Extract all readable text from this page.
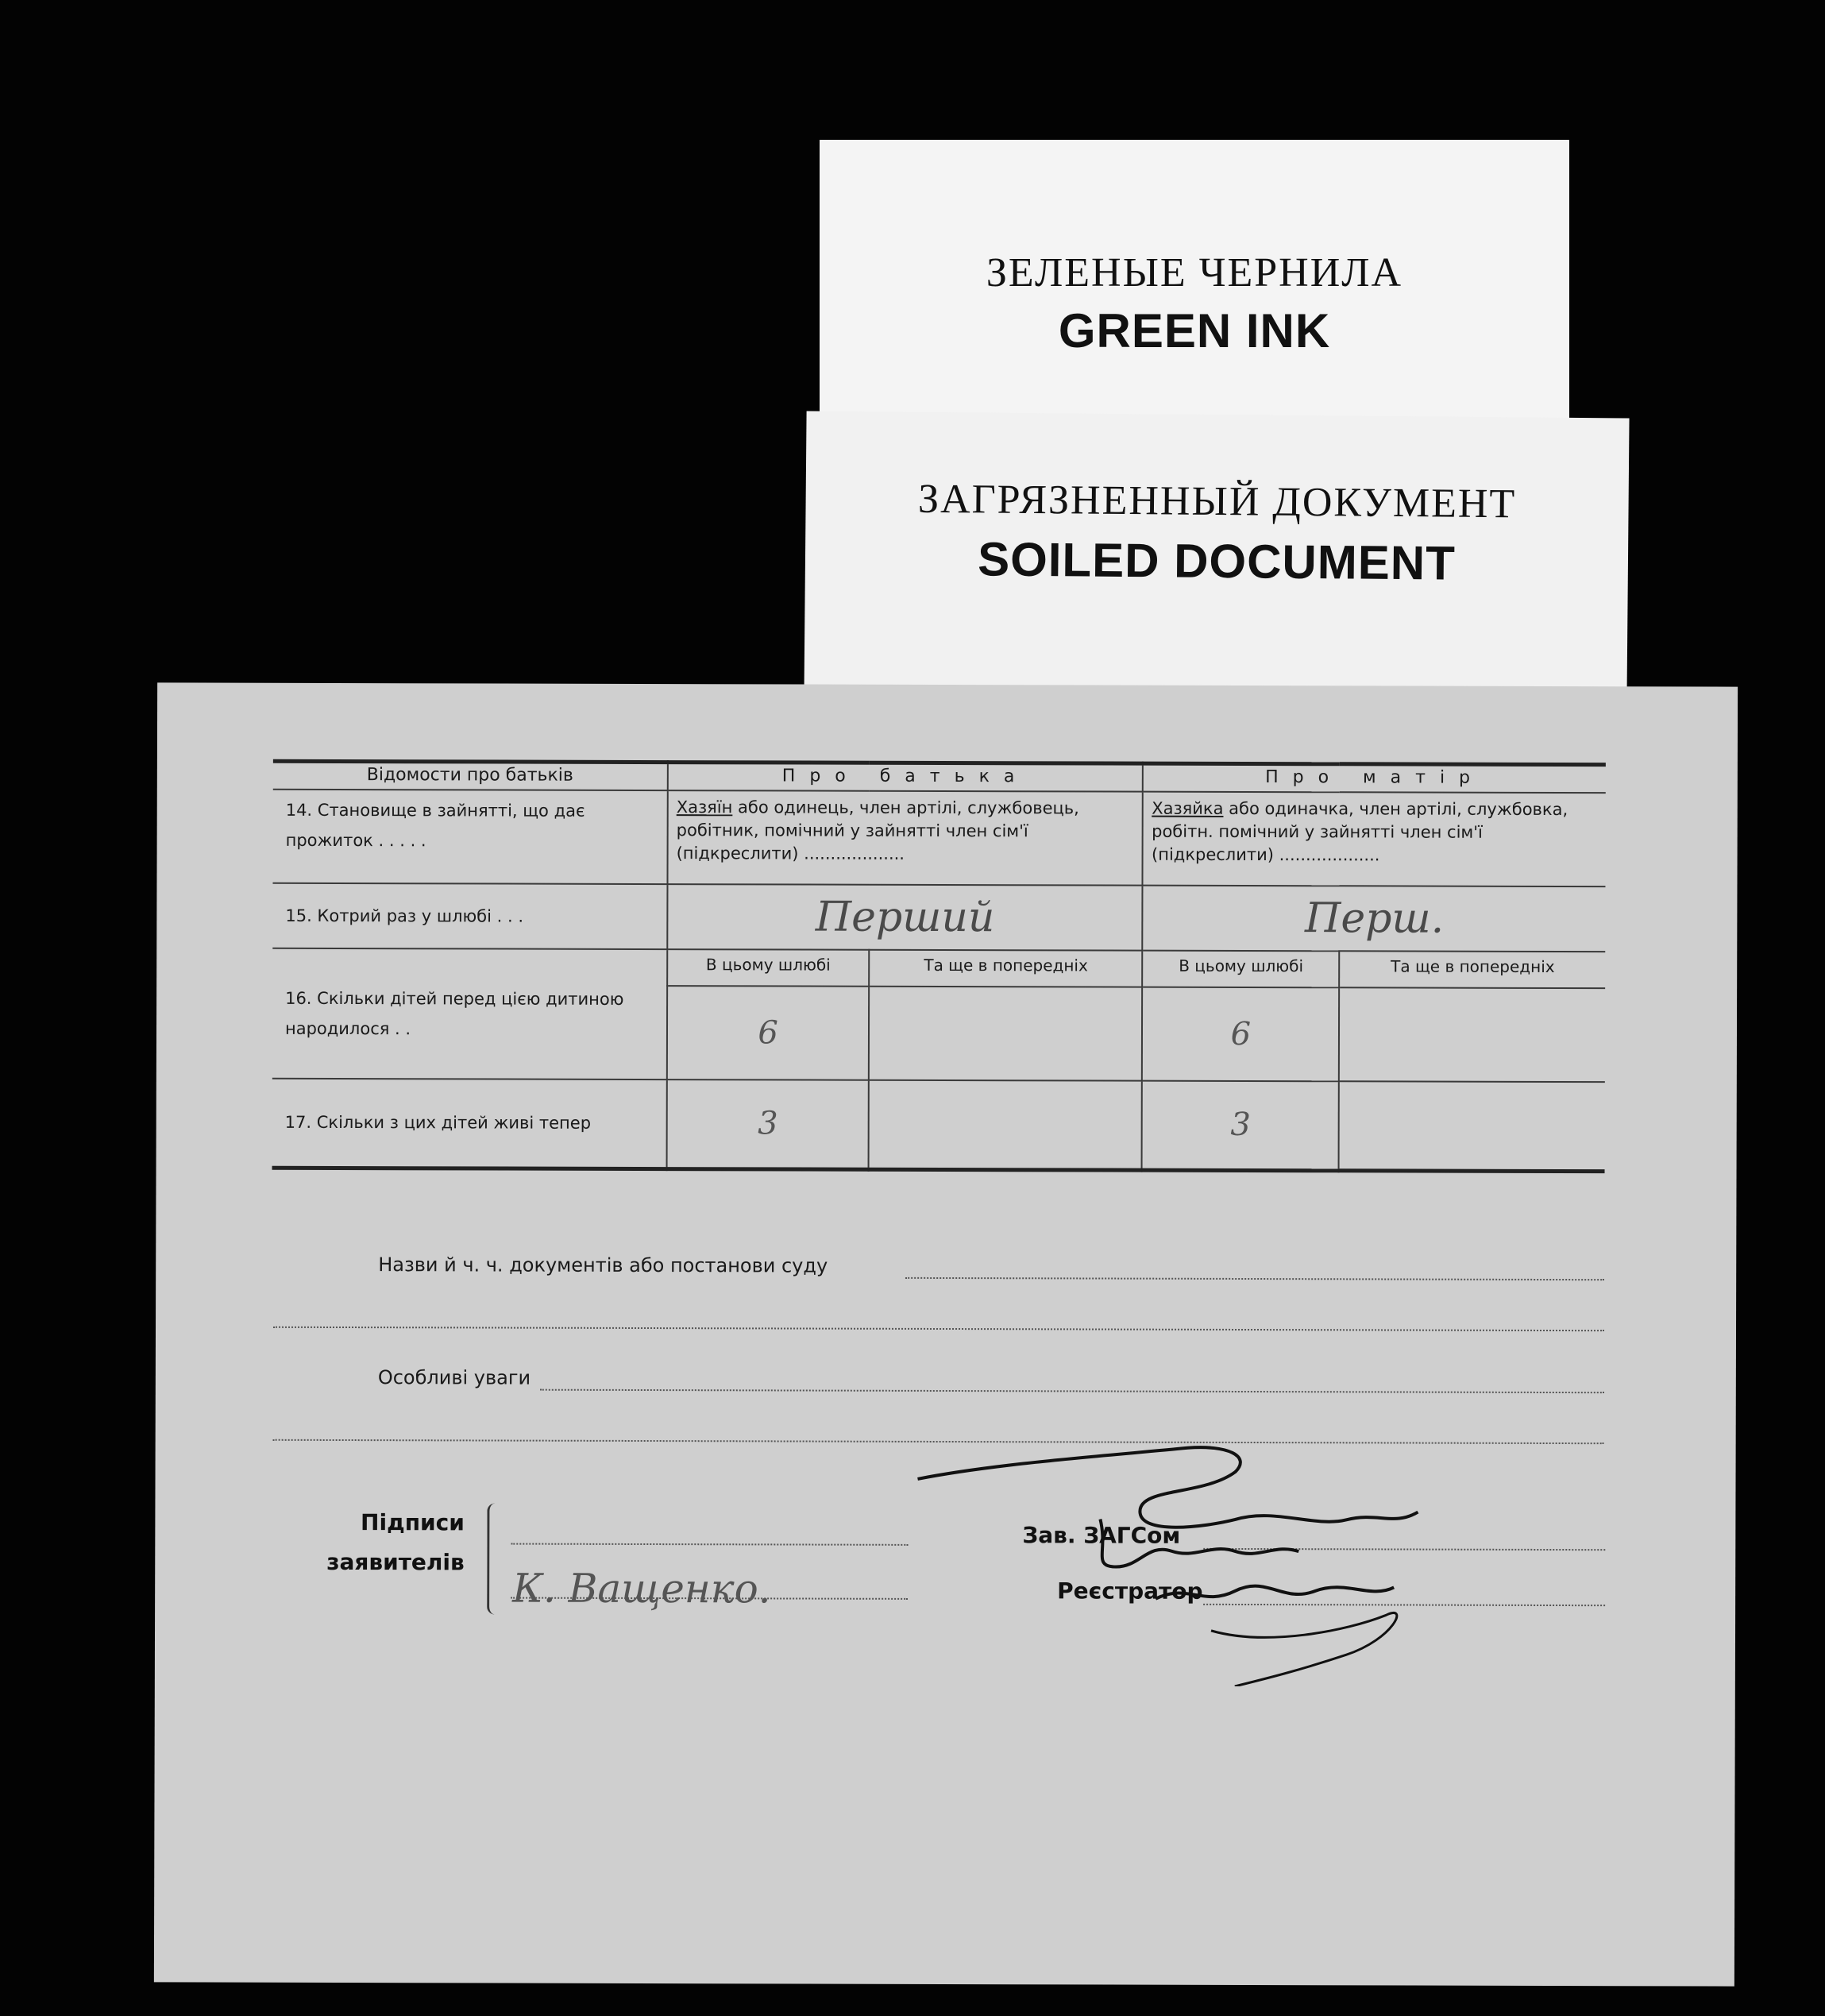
ЗЕЛЕНЫЕ ЧЕРНИЛА
GREEN INK
ЗАГРЯЗНЕННЫЙ ДОКУМЕНТ
SOILED DOCUMENT
Відомости про батьків	Про батька		Про матір	
14. Становище в зайнятті, що дає прожиток . . . . .	Хазяїн або одинець, член артілі, службовець, робітник, помічний у зайнятті член сім'ї (підкреслити) ...................		Хазяйка або одиначка, член артілі, службовка, робітн. помічний у зайнятті член сім'ї (підкреслити) ...................	
15. Котрий раз у шлюбі . . .	Перший		Перш.	
16. Скільки дітей перед цією дитиною народилося . .	В цьому шлюбі	Та ще в попередніх	В цьому шлюбі	Та ще в попередніх
	6		6	
17. Скільки з цих дітей живі тепер	3		3	
Назви й ч. ч. документів або постанови суду
Особливі уваги
Підписи
заявителів
К. Ващенко.
Зав. ЗАГСом
Реєстратор
